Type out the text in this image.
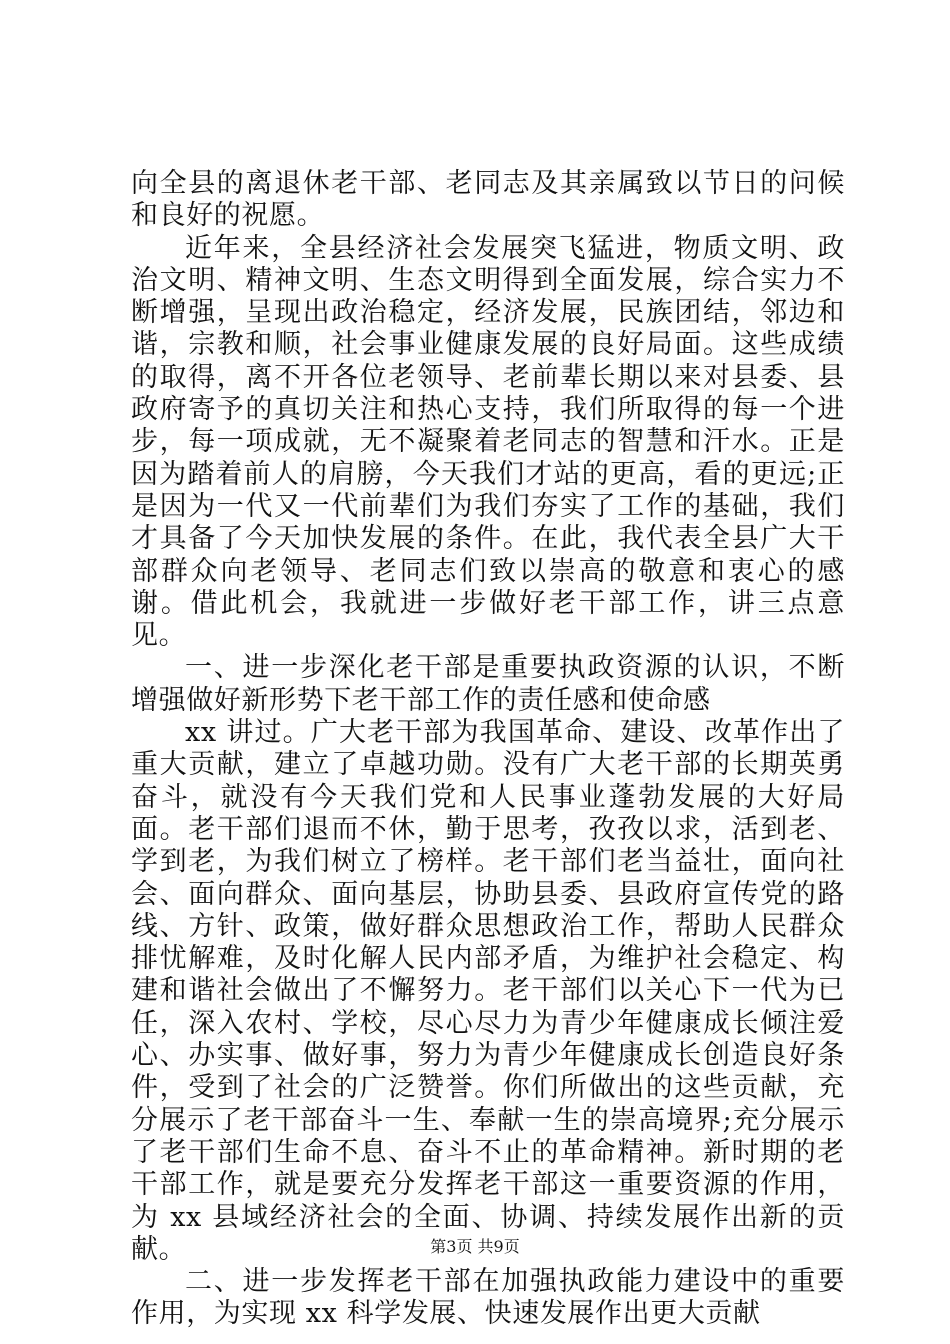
向全县的离退休老干部、老同志及其亲属致以节日的问候和良好的祝愿。

近年来，全县经济社会发展突飞猛进，物质文明、政治文明、精神文明、生态文明得到全面发展，综合实力不断增强，呈现出政治稳定，经济发展，民族团结，邻边和谐，宗教和顺，社会事业健康发展的良好局面。这些成绩的取得，离不开各位老领导、老前辈长期以来对县委、县政府寄予的真切关注和热心支持，我们所取得的每一个进步，每一项成就，无不凝聚着老同志的智慧和汗水。正是因为踏着前人的肩膀，今天我们才站的更高，看的更远;正是因为一代又一代前辈们为我们夯实了工作的基础，我们才具备了今天加快发展的条件。在此，我代表全县广大干部群众向老领导、老同志们致以崇高的敬意和衷心的感谢。借此机会，我就进一步做好老干部工作，讲三点意见。

一、进一步深化老干部是重要执政资源的认识，不断增强做好新形势下老干部工作的责任感和使命感

xx 讲过。广大老干部为我国革命、建设、改革作出了重大贡献，建立了卓越功勋。没有广大老干部的长期英勇奋斗，就没有今天我们党和人民事业蓬勃发展的大好局面。老干部们退而不休，勤于思考，孜孜以求，活到老、学到老，为我们树立了榜样。老干部们老当益壮，面向社会、面向群众、面向基层，协助县委、县政府宣传党的路线、方针、政策，做好群众思想政治工作，帮助人民群众排忧解难，及时化解人民内部矛盾，为维护社会稳定、构建和谐社会做出了不懈努力。老干部们以关心下一代为已任，深入农村、学校，尽心尽力为青少年健康成长倾注爱心、办实事、做好事，努力为青少年健康成长创造良好条件，受到了社会的广泛赞誉。你们所做出的这些贡献，充分展示了老干部奋斗一生、奉献一生的崇高境界;充分展示了老干部们生命不息、奋斗不止的革命精神。新时期的老干部工作，就是要充分发挥老干部这一重要资源的作用，为 xx 县域经济社会的全面、协调、持续发展作出新的贡献。

二、进一步发挥老干部在加强执政能力建设中的重要作用，为实现 xx 科学发展、快速发展作出更大贡献

第3页 共9页
